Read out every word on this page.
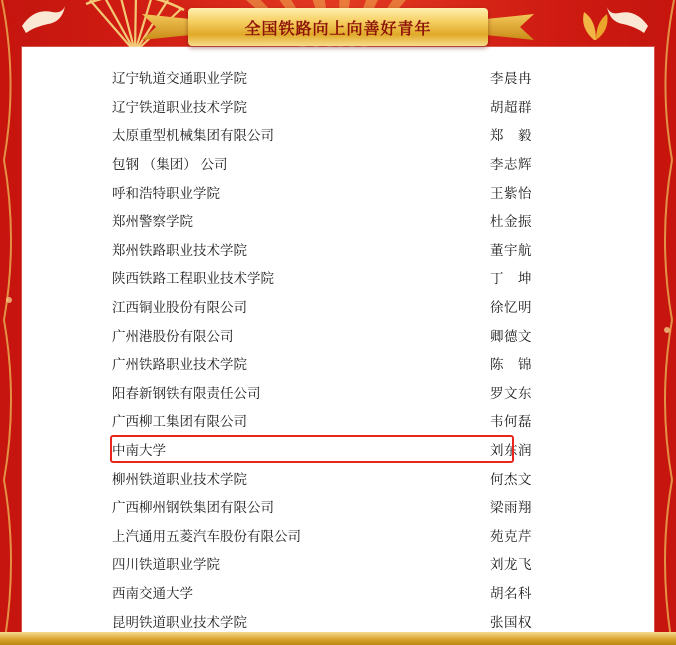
全国铁路向上向善好青年
辽宁轨道交通职业学院	李晨冉
辽宁铁道职业技术学院	胡超群
太原重型机械集团有限公司	郑　毅
包钢 （集团） 公司	李志辉
呼和浩特职业学院	王紫怡
郑州警察学院	杜金振
郑州铁路职业技术学院	董宇航
陕西铁路工程职业技术学院	丁　坤
江西铜业股份有限公司	徐忆明
广州港股份有限公司	卿德文
广州铁路职业技术学院	陈　锦
阳春新钢铁有限责任公司	罗文东
广西柳工集团有限公司	韦何磊
中南大学	刘东润
柳州铁道职业技术学院	何杰文
广西柳州钢铁集团有限公司	梁雨翔
上汽通用五菱汽车股份有限公司	苑克芹
四川铁道职业学院	刘龙飞
西南交通大学	胡名科
昆明铁道职业技术学院	张国权
